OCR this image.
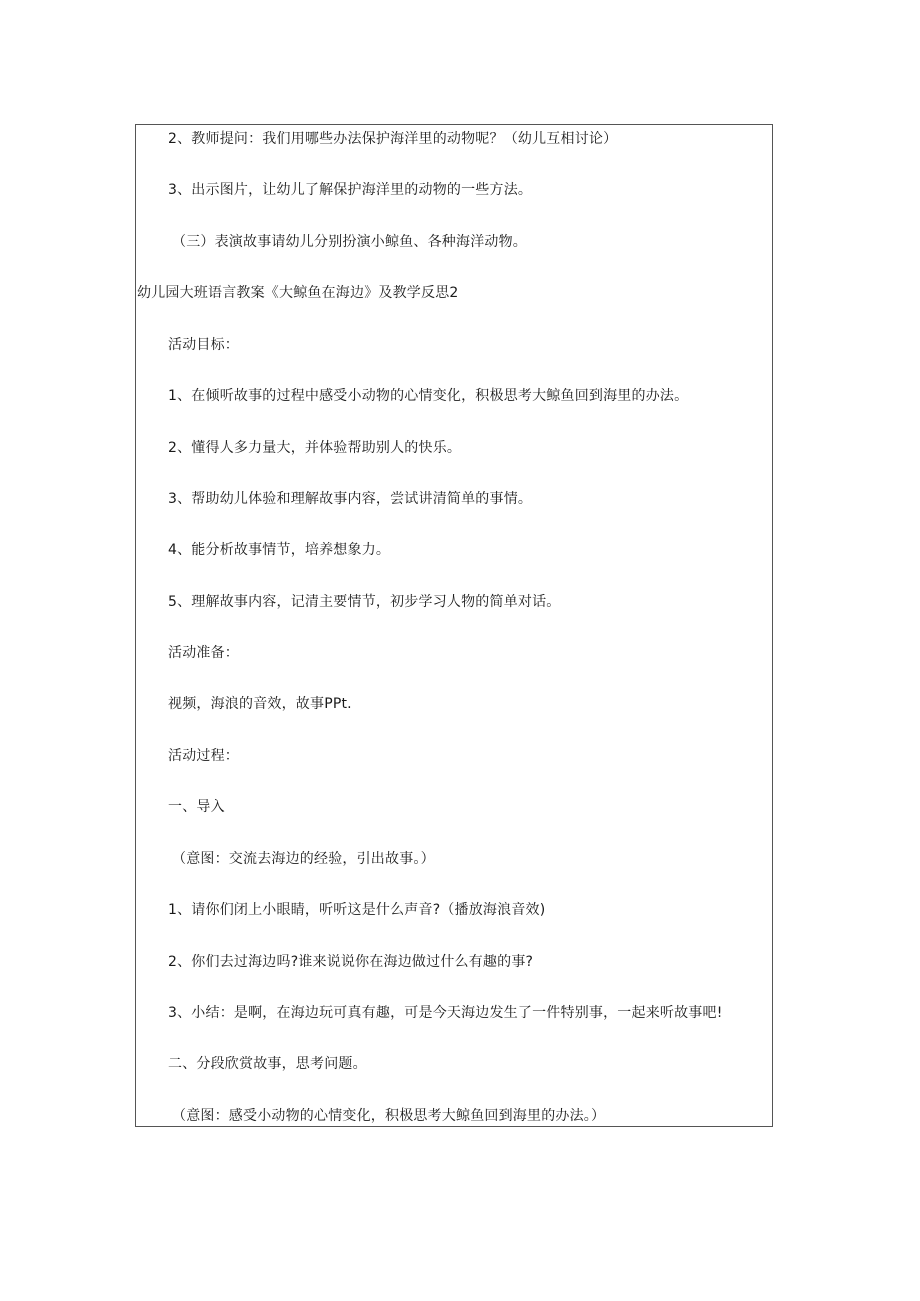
2、教师提问：我们用哪些办法保护海洋里的动物呢？（幼儿互相讨论）
3、出示图片，让幼儿了解保护海洋里的动物的一些方法。
（三）表演故事请幼儿分别扮演小鲸鱼、各种海洋动物。
幼儿园大班语言教案《大鲸鱼在海边》及教学反思2
活动目标：
1、在倾听故事的过程中感受小动物的心情变化，积极思考大鲸鱼回到海里的办法。
2、懂得人多力量大，并体验帮助别人的快乐。
3、帮助幼儿体验和理解故事内容，尝试讲清简单的事情。
4、能分析故事情节，培养想象力。
5、理解故事内容，记清主要情节，初步学习人物的简单对话。
活动准备：
视频，海浪的音效，故事PPt.
活动过程：
一、导入
（意图：交流去海边的经验，引出故事。）
1、请你们闭上小眼睛，听听这是什么声音?（播放海浪音效)
2、你们去过海边吗?谁来说说你在海边做过什么有趣的事?
3、小结：是啊，在海边玩可真有趣，可是今天海边发生了一件特别事，一起来听故事吧!
二、分段欣赏故事，思考问题。
（意图：感受小动物的心情变化，积极思考大鲸鱼回到海里的办法。）
